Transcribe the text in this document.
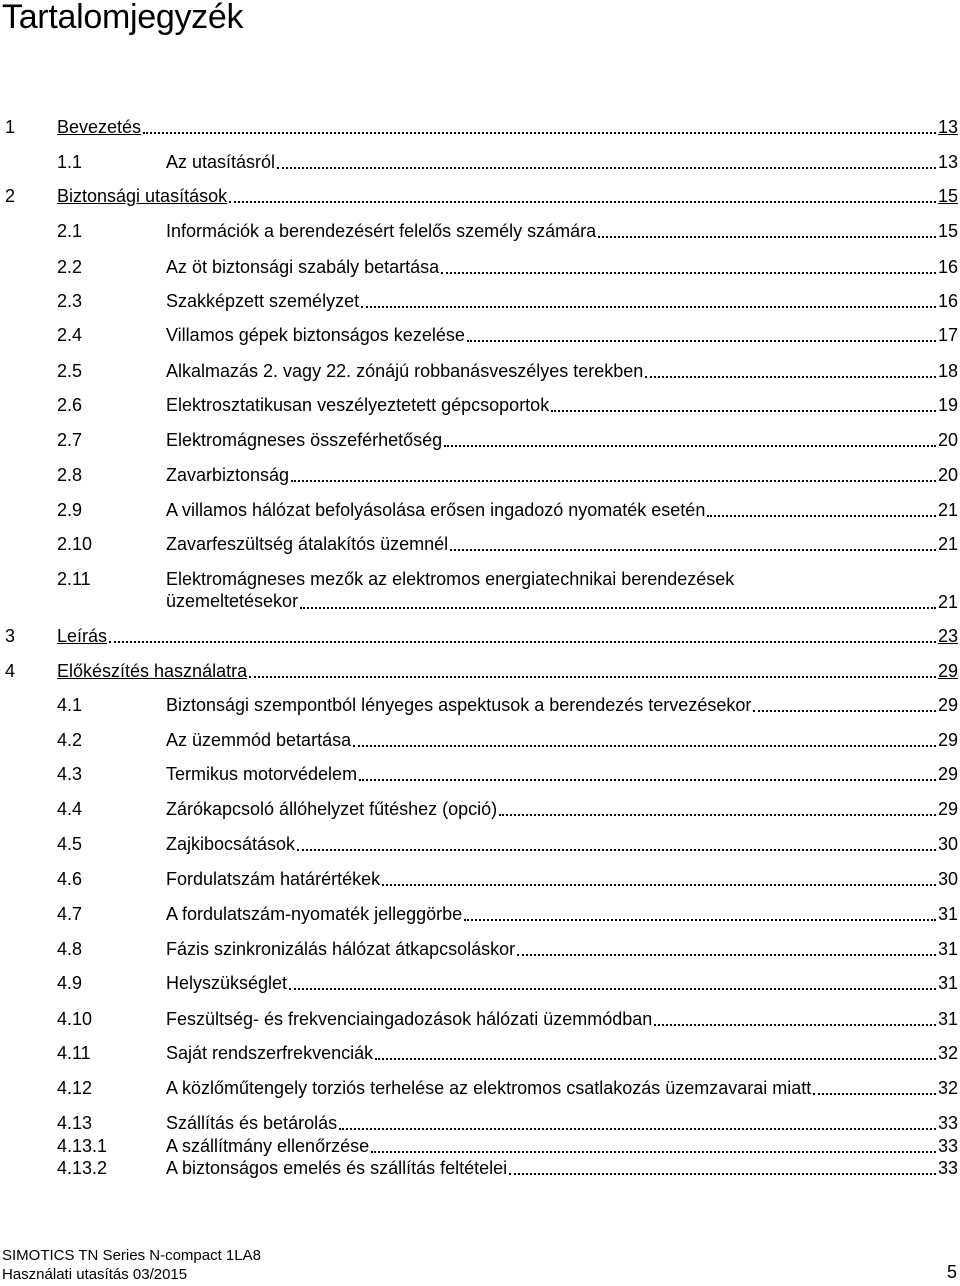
Tartalomjegyzék
1 Bevezetés	13
1.1	Az utasításról	13
2 Biztonsági utasítások	15
2.1	Információk a berendezésért felelős személy számára	15
2.2	Az öt biztonsági szabály betartása	16
2.3	Szakképzett személyzet	16
2.4	Villamos gépek biztonságos kezelése	17
2.5	Alkalmazás 2. vagy 22. zónájú robbanásveszélyes terekben	18
2.6	Elektrosztatikusan veszélyeztetett gépcsoportok	19
2.7	Elektromágneses összeférhetőség	20
2.8	Zavarbiztonság	20
2.9	A villamos hálózat befolyásolása erősen ingadozó nyomaték esetén	21
2.10	Zavarfeszültség átalakítós üzemnél	21
2.11	Elektromágneses mezők az elektromos energiatechnikai berendezések
üzemeltetésekor	21
3 Leírás	23
4 Előkészítés használatra	29
4.1	Biztonsági szempontból lényeges aspektusok a berendezés tervezésekor	29
4.2	Az üzemmód betartása	29
4.3	Termikus motorvédelem	29
4.4	Zárókapcsoló állóhelyzet fűtéshez (opció)	29
4.5	Zajkibocsátások	30
4.6	Fordulatszám határértékek	30
4.7	A fordulatszám-nyomaték jelleggörbe	31
4.8	Fázis szinkronizálás hálózat átkapcsoláskor	31
4.9	Helyszükséglet	31
4.10	Feszültség- és frekvenciaingadozások hálózati üzemmódban	31
4.11	Saját rendszerfrekvenciák	32
4.12	A közlőműtengely torziós terhelése az elektromos csatlakozás üzemzavarai miatt	32
4.13	Szállítás és betárolás	33
4.13.1	A szállítmány ellenőrzése	33
4.13.2	A biztonságos emelés és szállítás feltételei	33
SIMOTICS TN Series N-compact 1LA8
Használati utasítás 03/2015	5
